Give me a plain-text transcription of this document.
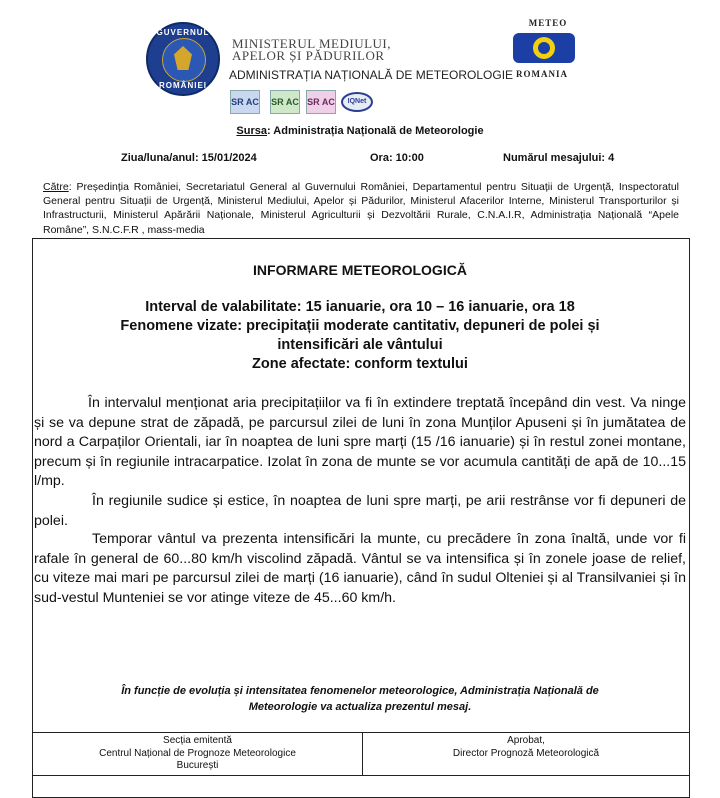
GUVERNUL
ROMÂNIEI
MINISTERUL MEDIULUI,
APELOR ȘI PĂDURILOR
ADMINISTRAȚIA NAȚIONALĂ DE METEOROLOGIE
METEO
ROMANIA
SR AC SR AC SR AC	IQNet
Sursa: Administrația Națională de Meteorologie
Ziua/luna/anul: 15/01/2024	Ora: 10:00	Numărul mesajului: 4
Către: Președinția României, Secretariatul General al Guvernului României, Departamentul pentru Situații de Urgență, Inspectoratul General pentru Situații de Urgență, Ministerul Mediului, Apelor și Pădurilor, Ministerul Afacerilor Interne, Ministerul Transporturilor și Infrastructurii, Ministerul Apărării Naționale, Ministerul Agriculturii și Dezvoltării Rurale, C.N.A.I.R, Administrația Națională “Apele Române”, S.N.C.F.R , mass-media
INFORMARE METEOROLOGICĂ
Interval de valabilitate: 15 ianuarie, ora 10 – 16 ianuarie, ora 18
Fenomene vizate: precipitații moderate cantitativ, depuneri de polei și
intensificări ale vântului
Zone afectate: conform textului
În intervalul menționat aria precipitațiilor va fi în extindere treptată începând din vest. Va ninge și se va depune strat de zăpadă, pe parcursul zilei de luni în zona Munților Apuseni și în jumătatea de nord a Carpaților Orientali, iar în noaptea de luni spre marți (15 /16 ianuarie) și în restul zonei montane, precum și în regiunile intracarpatice. Izolat în zona de munte se vor acumula cantități de apă de 10...15 l/mp.
În regiunile sudice și estice, în noaptea de luni spre marți, pe arii restrânse vor fi depuneri de polei.
Temporar vântul va prezenta intensificări la munte, cu precădere în zona înaltă, unde vor fi rafale în general de 60...80 km/h viscolind zăpadă. Vântul se va intensifica și în zonele joase de relief, cu viteze mai mari pe parcursul zilei de marți (16 ianuarie), când în sudul Olteniei și al Transilvaniei și în sud-vestul Munteniei se vor atinge viteze de 45...60 km/h.
În funcție de evoluția și intensitatea fenomenelor meteorologice, Administrația Națională de
Meteorologie va actualiza prezentul mesaj.
Secția emitentă
Centrul Național de Prognoze Meteorologice
București
Aprobat,
Director Prognoză Meteorologică
